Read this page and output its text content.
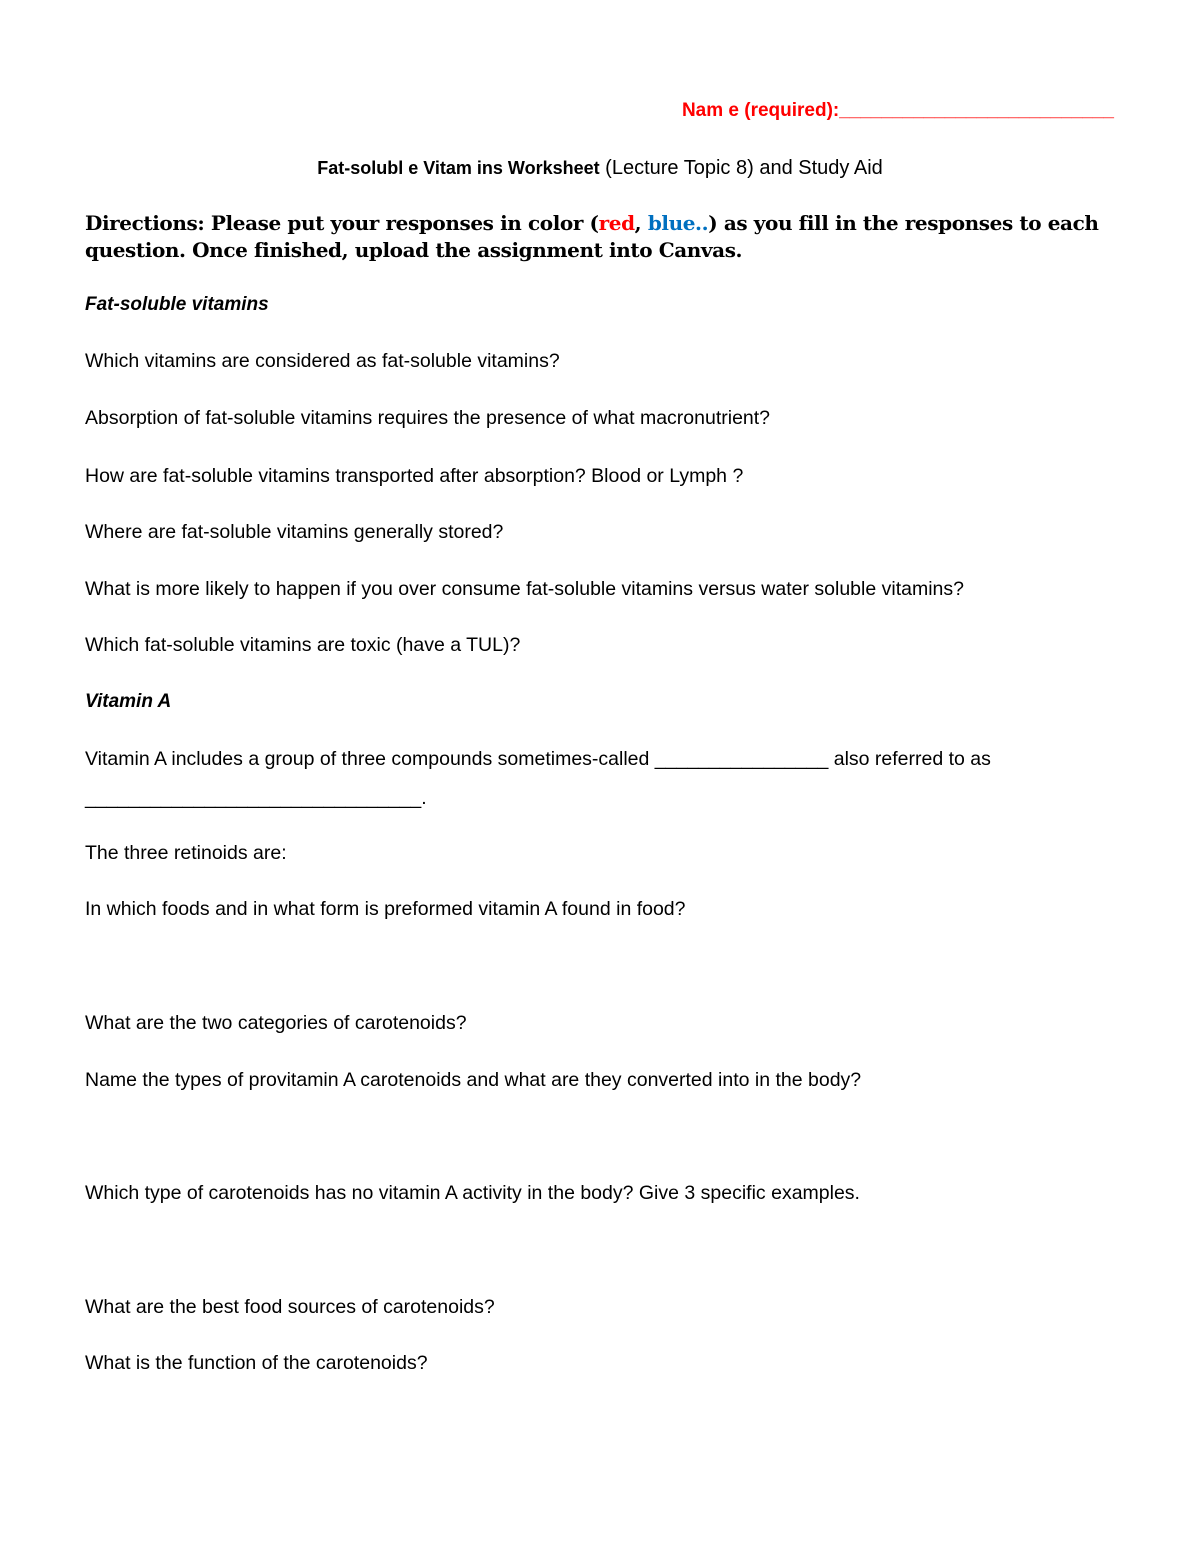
Nam e (required):__________________________
Fat-solubl e Vitam ins Worksheet (Lecture Topic 8) and Study Aid
Directions: Please put your responses in color (red, blue..) as you fill in the responses to each question. Once finished, upload the assignment into Canvas.
Fat-soluble vitamins
Which vitamins are considered as fat-soluble vitamins?
Absorption of fat-soluble vitamins requires the presence of what macronutrient?
How are fat-soluble vitamins transported after absorption? Blood or Lymph ?
Where are fat-soluble vitamins generally stored?
What is more likely to happen if you over consume fat-soluble vitamins versus water soluble vitamins?
Which fat-soluble vitamins are toxic (have a TUL)?
Vitamin A
Vitamin A includes a group of three compounds sometimes-called ________________ also referred to as
_______________________________.
The three retinoids are:
In which foods and in what form is preformed vitamin A found in food?
What are the two categories of carotenoids?
Name the types of provitamin A carotenoids and what are they converted into in the body?
Which type of carotenoids has no vitamin A activity in the body? Give 3 specific examples.
What are the best food sources of carotenoids?
What is the function of the carotenoids?
